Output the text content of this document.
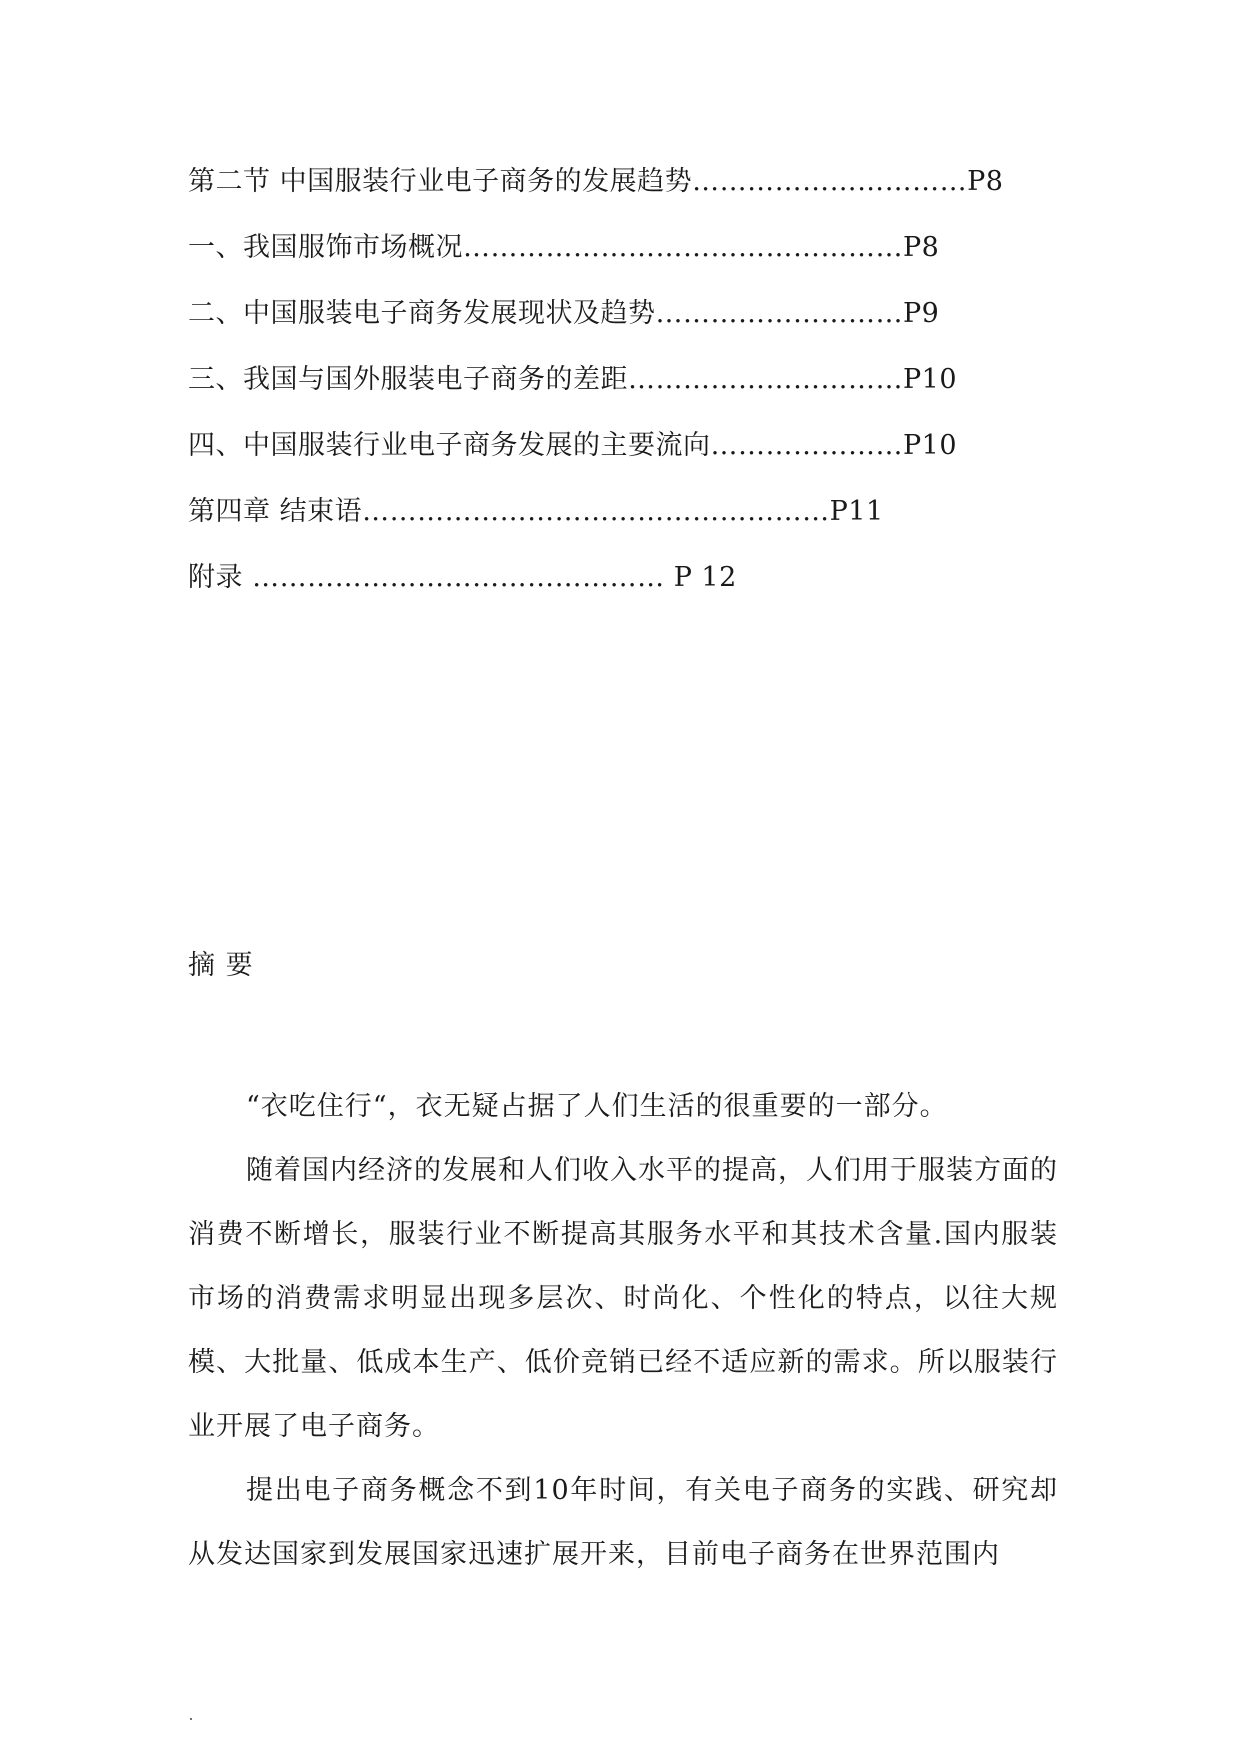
第二节 中国服装行业电子商务的发展趋势…………………………P8
一、我国服饰市场概况…………………………………………P8
二、中国服装电子商务发展现状及趋势………………………P9
三、我国与国外服装电子商务的差距…………………………P10
四、中国服装行业电子商务发展的主要流向…………………P10
第四章 结束语……………………………………………P11
附录 ……………………………………… P 12
摘 要

“衣吃住行“，衣无疑占据了人们生活的很重要的一部分。

随着国内经济的发展和人们收入水平的提高，人们用于服装方面的消费不断增长，服装行业不断提高其服务水平和其技术含量.国内服装市场的消费需求明显出现多层次、时尚化、个性化的特点，以往大规模、大批量、低成本生产、低价竞销已经不适应新的需求。所以服装行业开展了电子商务。

提出电子商务概念不到10年时间，有关电子商务的实践、研究却从发达国家到发展国家迅速扩展开来，目前电子商务在世界范围内
